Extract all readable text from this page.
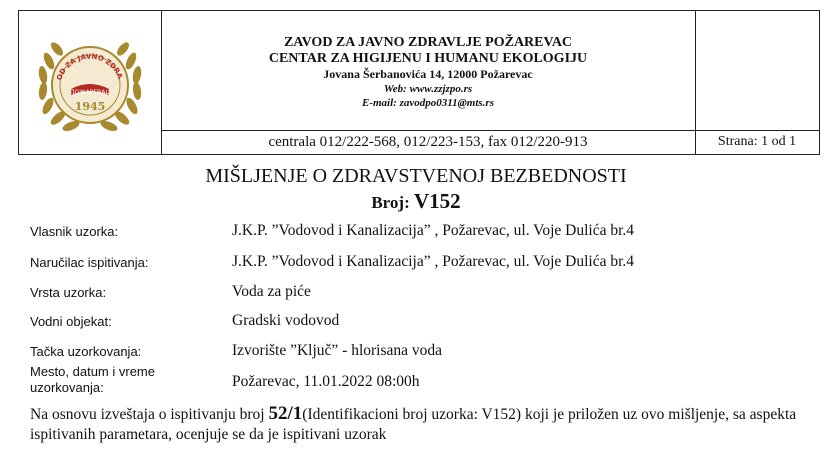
OD ZA JAVNO ZDRA
ПОЖАРЕВАЦ
1945
ZAVOD ZA JAVNO ZDRAVLJE POŽAREVAC
CENTAR ZA HIGIJENU I HUMANU EKOLOGIJU
Jovana Šerbanovića 14, 12000 Požarevac
Web: www.zzjzpo.rs
E-mail: zavodpo0311@mts.rs
centrala 012/222-568, 012/223-153, fax 012/220-913	Strana: 1 od 1
MIŠLJENJE O ZDRAVSTVENOJ BEZBEDNOSTI
Broj: V152
Vlasnik uzorka:	J.K.P. ”Vodovod i Kanalizacija” , Požarevac, ul. Voje Dulića br.4
Naručilac ispitivanja:	J.K.P. ”Vodovod i Kanalizacija” , Požarevac, ul. Voje Dulića br.4
Vrsta uzorka:	Voda za piće
Vodni objekat:	Gradski vodovod
Tačka uzorkovanja:	Izvorište ”Ključ” - hlorisana voda
Mesto, datum i vreme
uzorkovanja:	Požarevac, 11.01.2022 08:00h
Na osnovu izveštaja o ispitivanju broj 52/1(Identifikacioni broj uzorka: V152) koji je priložen uz ovo mišljenje, sa aspekta ispitivanih parametara, ocenjuje se da je ispitivani uzorak
